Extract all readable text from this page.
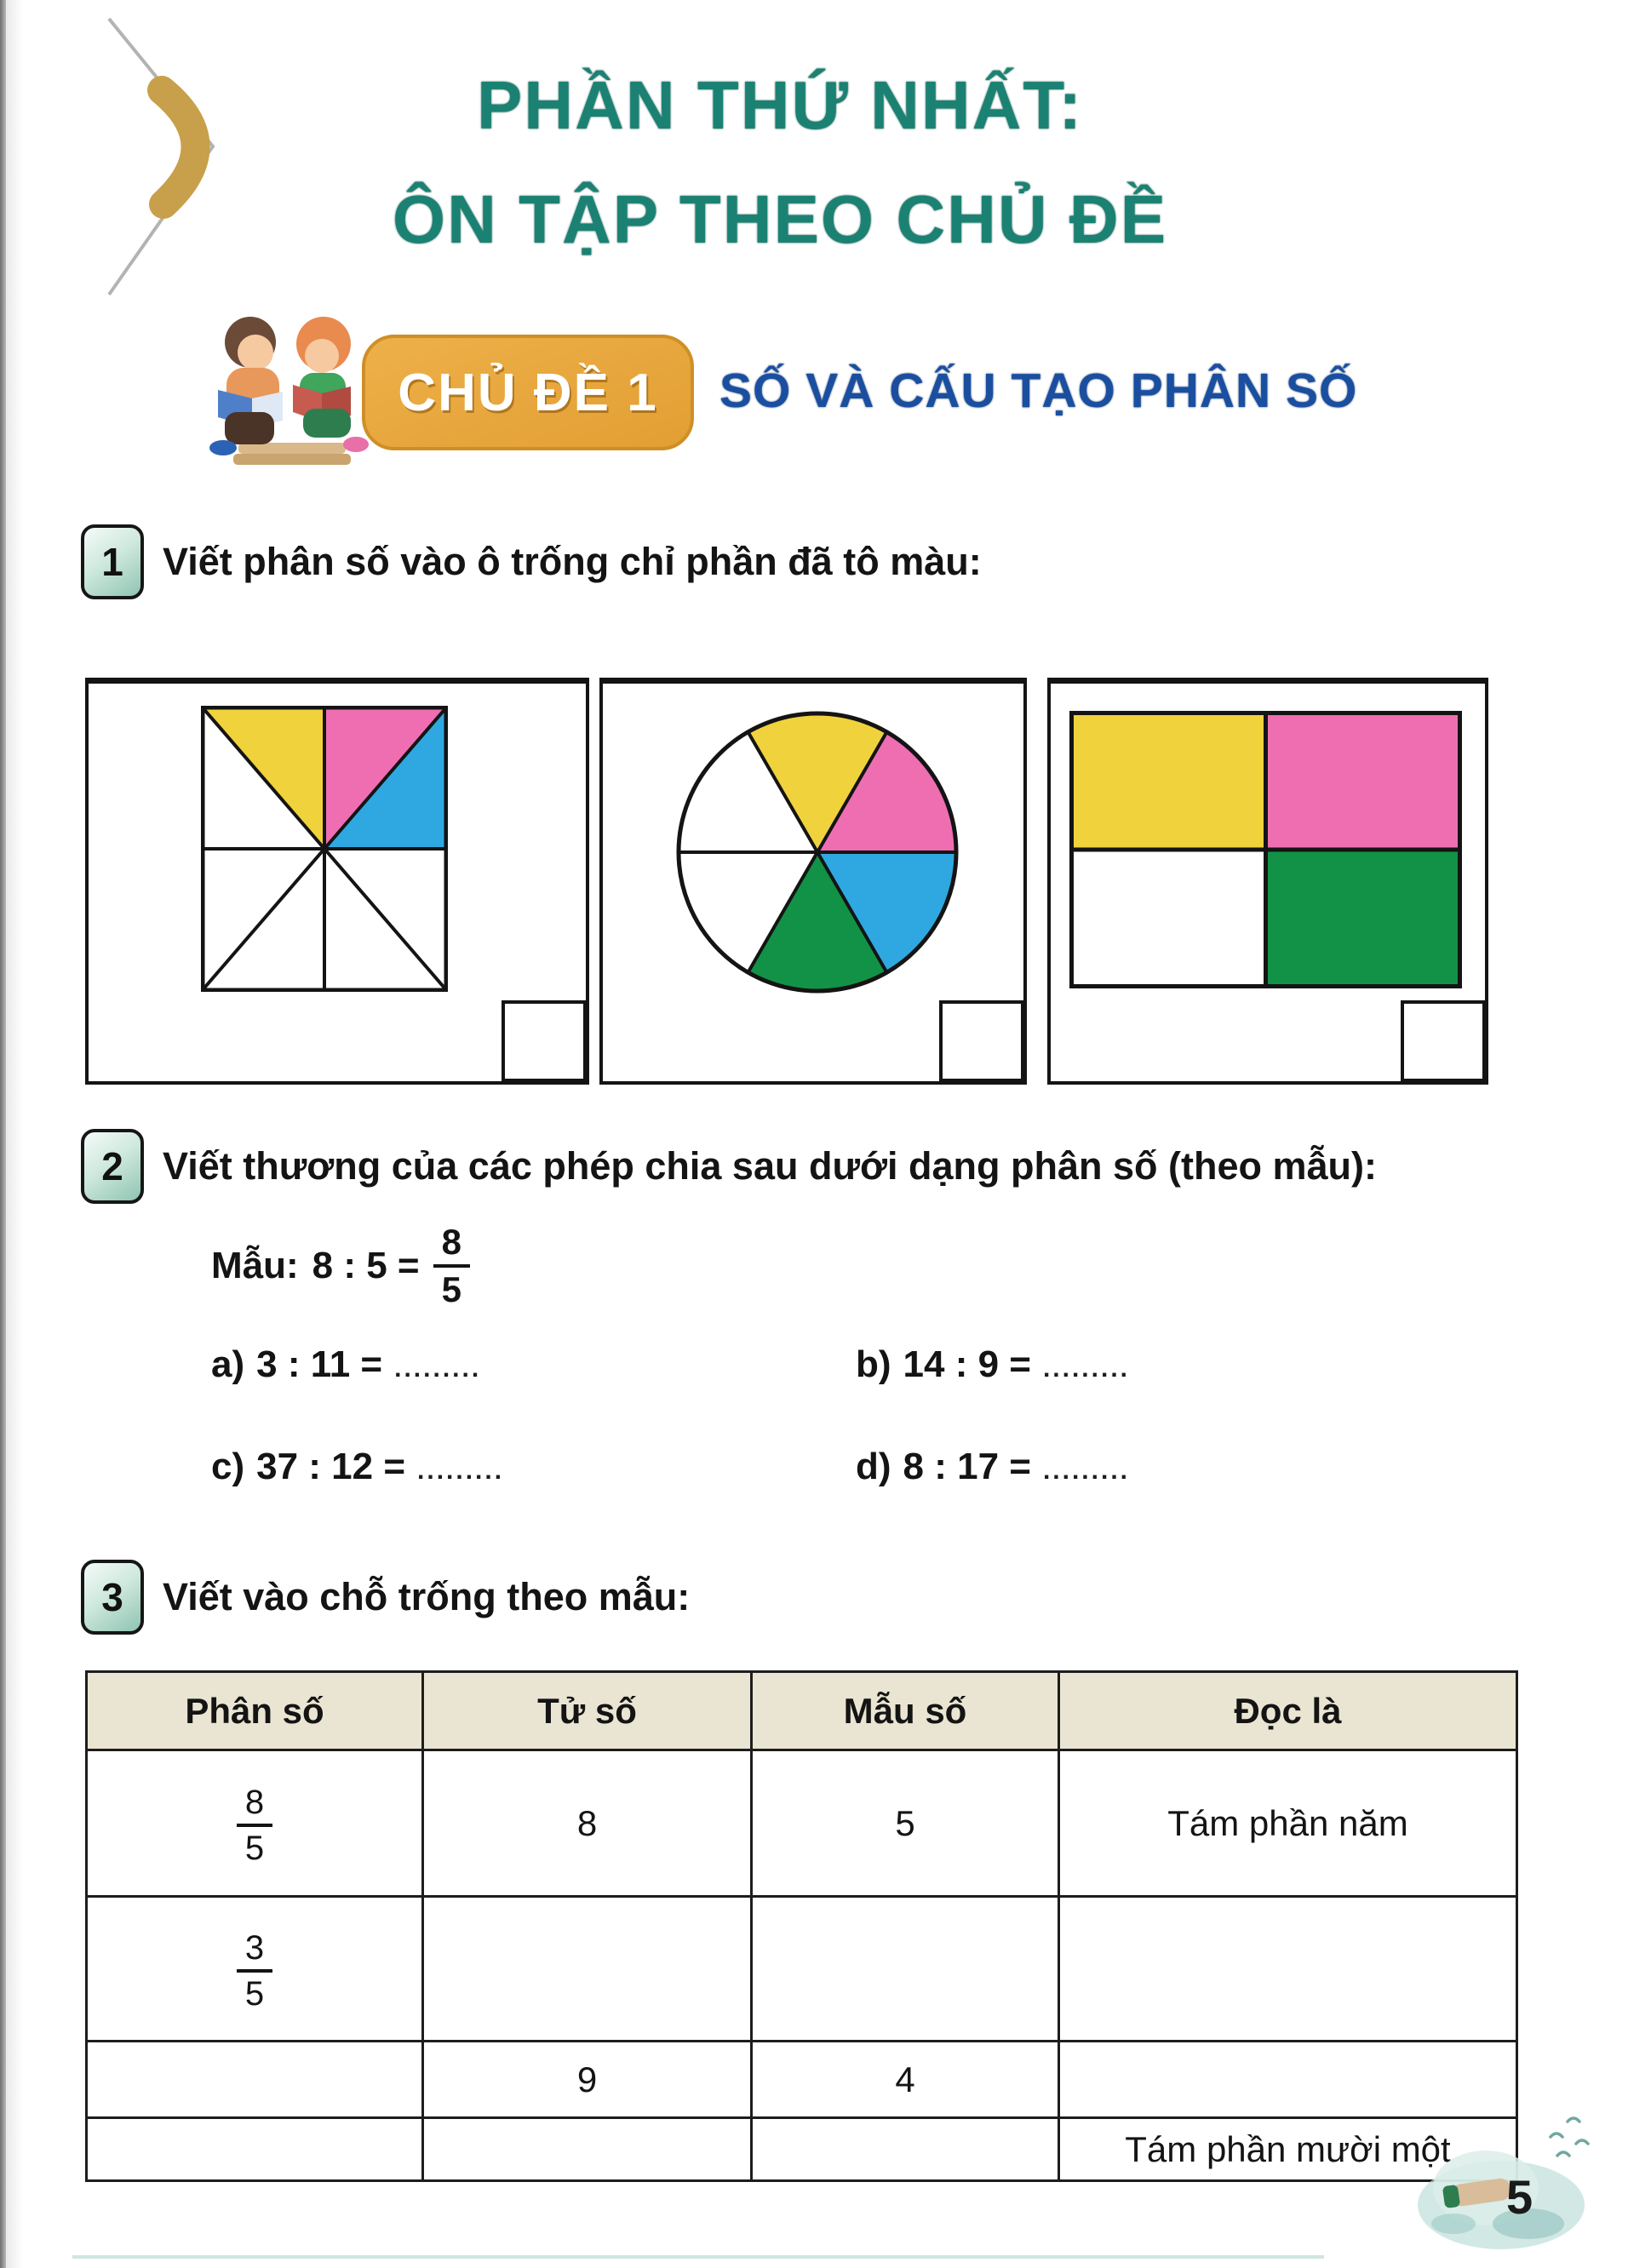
PHẦN THỨ NHẤT:
ÔN TẬP THEO CHỦ ĐỀ
CHỦ ĐỀ 1 SỐ VÀ CẤU TẠO PHÂN SỐ
1	Viết phân số vào ô trống chỉ phần đã tô màu:
2	Viết thương của các phép chia sau dưới dạng phân số (theo mẫu):
Mẫu: 8 : $5 = \frac{8}{5}$
a) 3 : 11 = .........	b) 14 : 9 = .........
c) 37 : 12 = .........	d) 8 : 17 = .........
3	Viết vào chỗ trống theo mẫu:
Phân số	Tử số	Mẫu số	Đọc là

$\frac{8}{5}$	8	5	Tám phần năm

$\frac{3}{5}$

	9	4	
			Tám phần mười một
5
